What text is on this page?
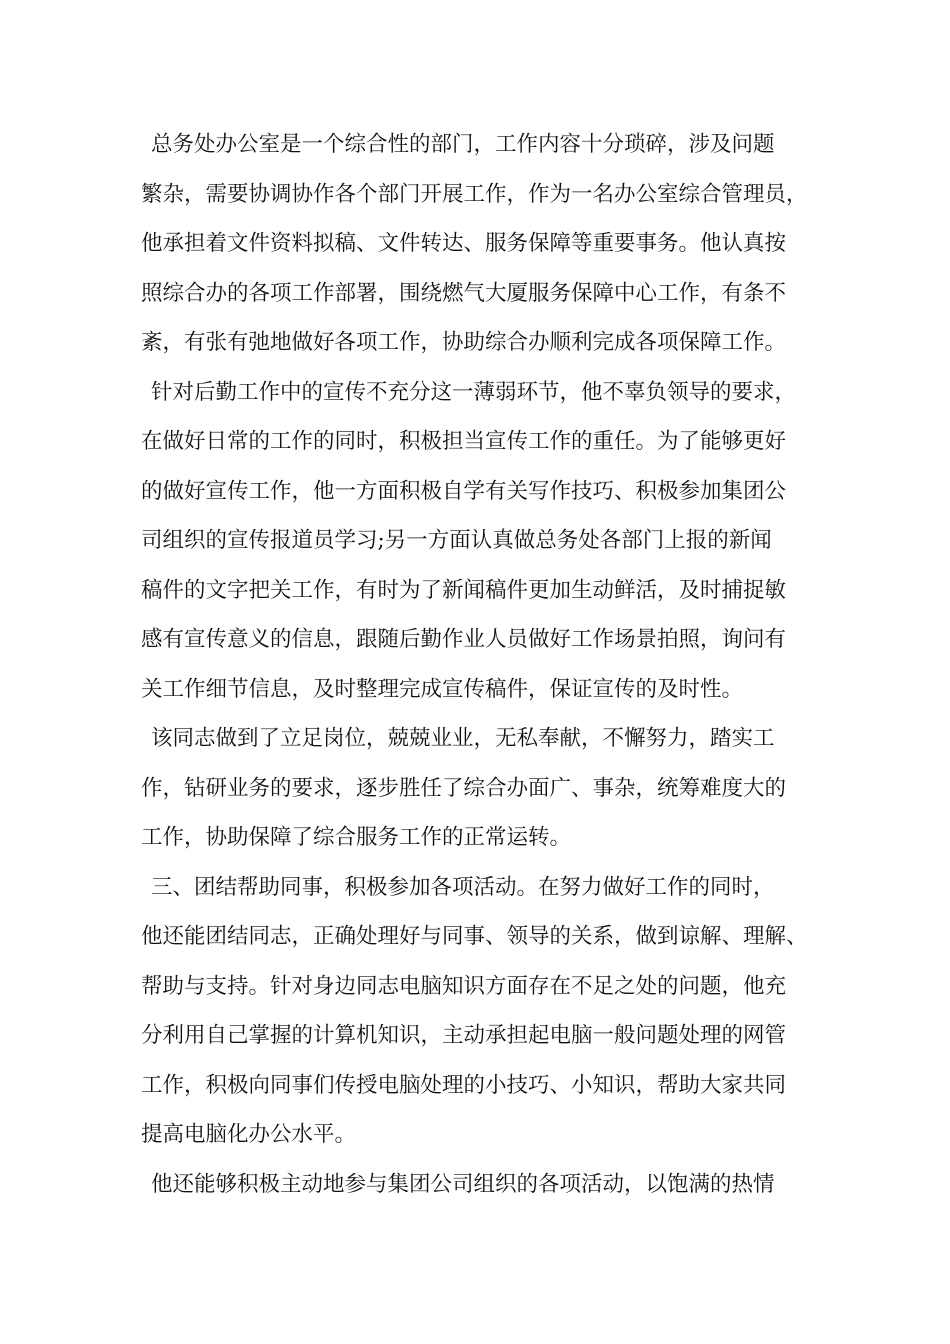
总务处办公室是一个综合性的部门，工作内容十分琐碎，涉及问题
繁杂，需要协调协作各个部门开展工作，作为一名办公室综合管理员，
他承担着文件资料拟稿、文件转达、服务保障等重要事务。他认真按
照综合办的各项工作部署，围绕燃气大厦服务保障中心工作，有条不
紊，有张有弛地做好各项工作，协助综合办顺利完成各项保障工作。
针对后勤工作中的宣传不充分这一薄弱环节，他不辜负领导的要求，
在做好日常的工作的同时，积极担当宣传工作的重任。为了能够更好
的做好宣传工作，他一方面积极自学有关写作技巧、积极参加集团公
司组织的宣传报道员学习;另一方面认真做总务处各部门上报的新闻
稿件的文字把关工作，有时为了新闻稿件更加生动鲜活，及时捕捉敏
感有宣传意义的信息，跟随后勤作业人员做好工作场景拍照，询问有
关工作细节信息，及时整理完成宣传稿件，保证宣传的及时性。
该同志做到了立足岗位，兢兢业业，无私奉献，不懈努力，踏实工
作，钻研业务的要求，逐步胜任了综合办面广、事杂，统筹难度大的
工作，协助保障了综合服务工作的正常运转。
三、团结帮助同事，积极参加各项活动。在努力做好工作的同时，
他还能团结同志，正确处理好与同事、领导的关系，做到谅解、理解、
帮助与支持。针对身边同志电脑知识方面存在不足之处的问题，他充
分利用自己掌握的计算机知识，主动承担起电脑一般问题处理的网管
工作，积极向同事们传授电脑处理的小技巧、小知识，帮助大家共同
提高电脑化办公水平。
他还能够积极主动地参与集团公司组织的各项活动，以饱满的热情
